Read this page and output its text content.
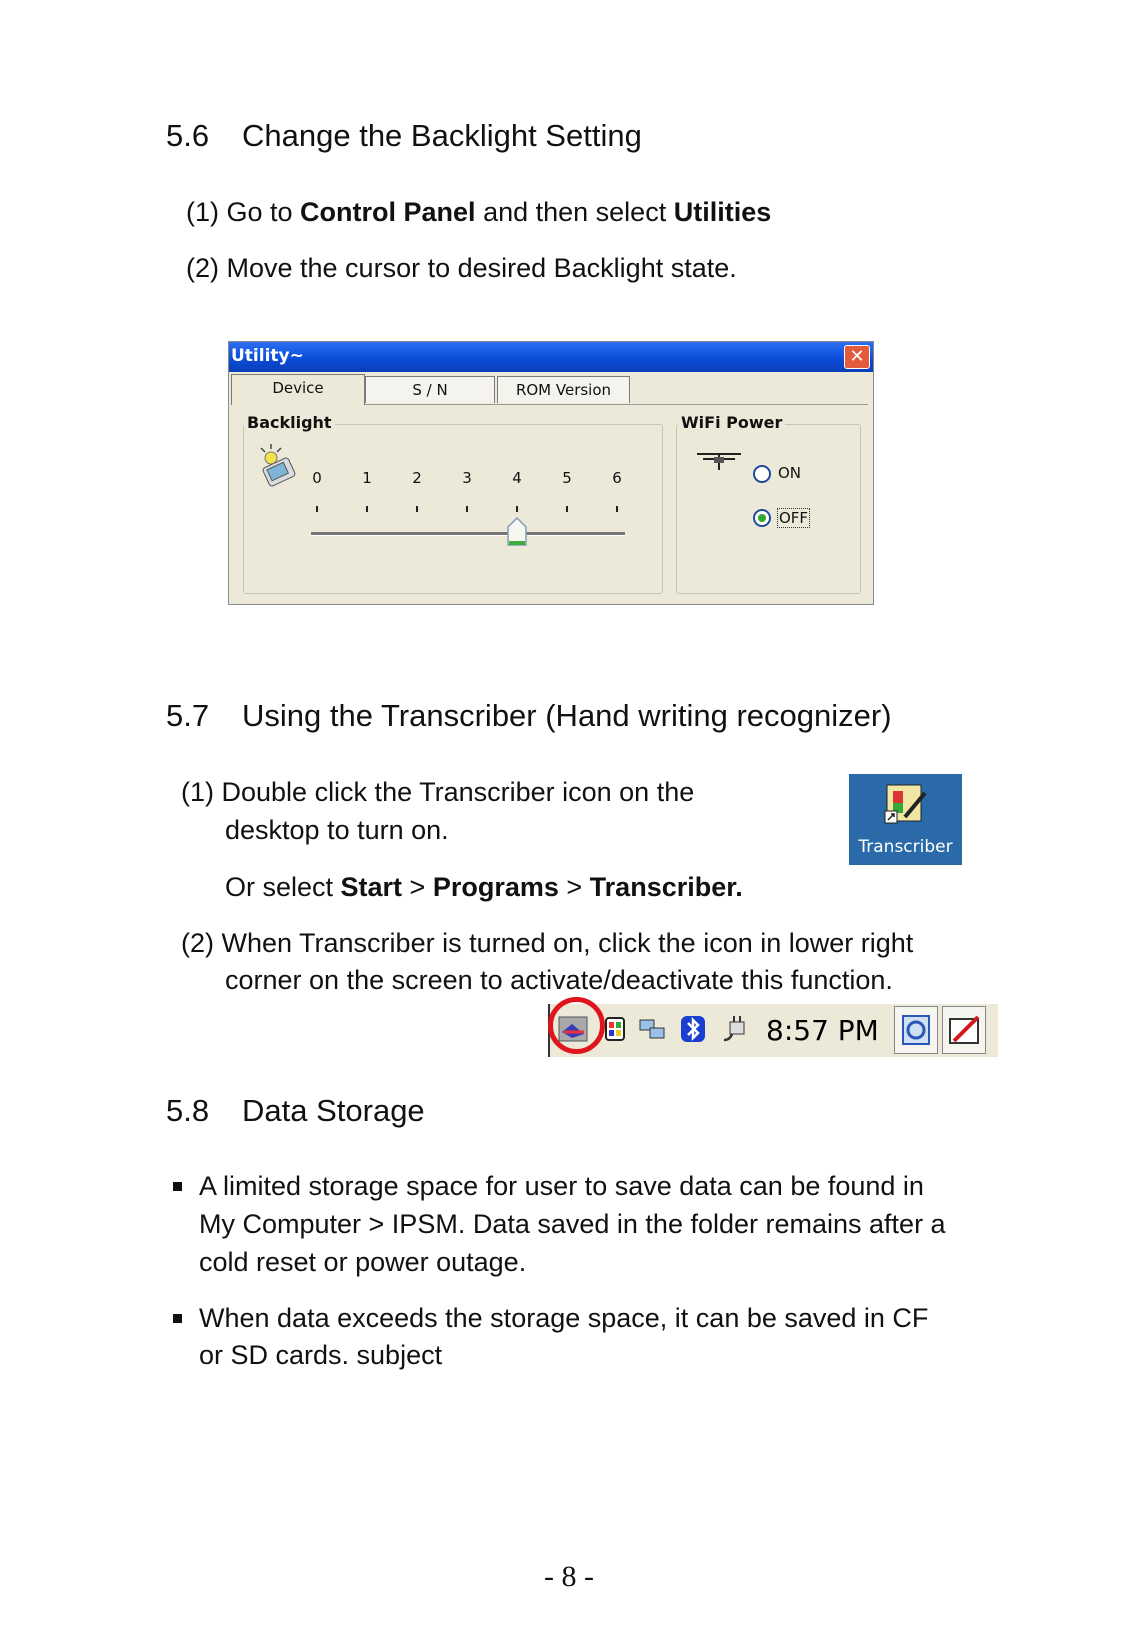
5.6 Change the Backlight Setting
(1) Go to Control Panel and then select Utilities
(2) Move the cursor to desired Backlight state.
Utility~	✕
Device	S / N	ROM Version
Backlight
0	1	2	3	4	5	6
WiFi Power
ON
OFF
5.7 Using the Transcriber (Hand writing recognizer)
(1) Double click the Transcriber icon on the
desktop to turn on.
Or select Start > Programs > Transcriber.
(2) When Transcriber is turned on, click the icon in lower right
corner on the screen to activate/deactivate this function.
Transcriber
8:57 PM
5.8 Data Storage
A limited storage space for user to save data can be found in
My Computer > IPSM. Data saved in the folder remains after a
cold reset or power outage.
When data exceeds the storage space, it can be saved in CF
or SD cards. subject
- 8 -
